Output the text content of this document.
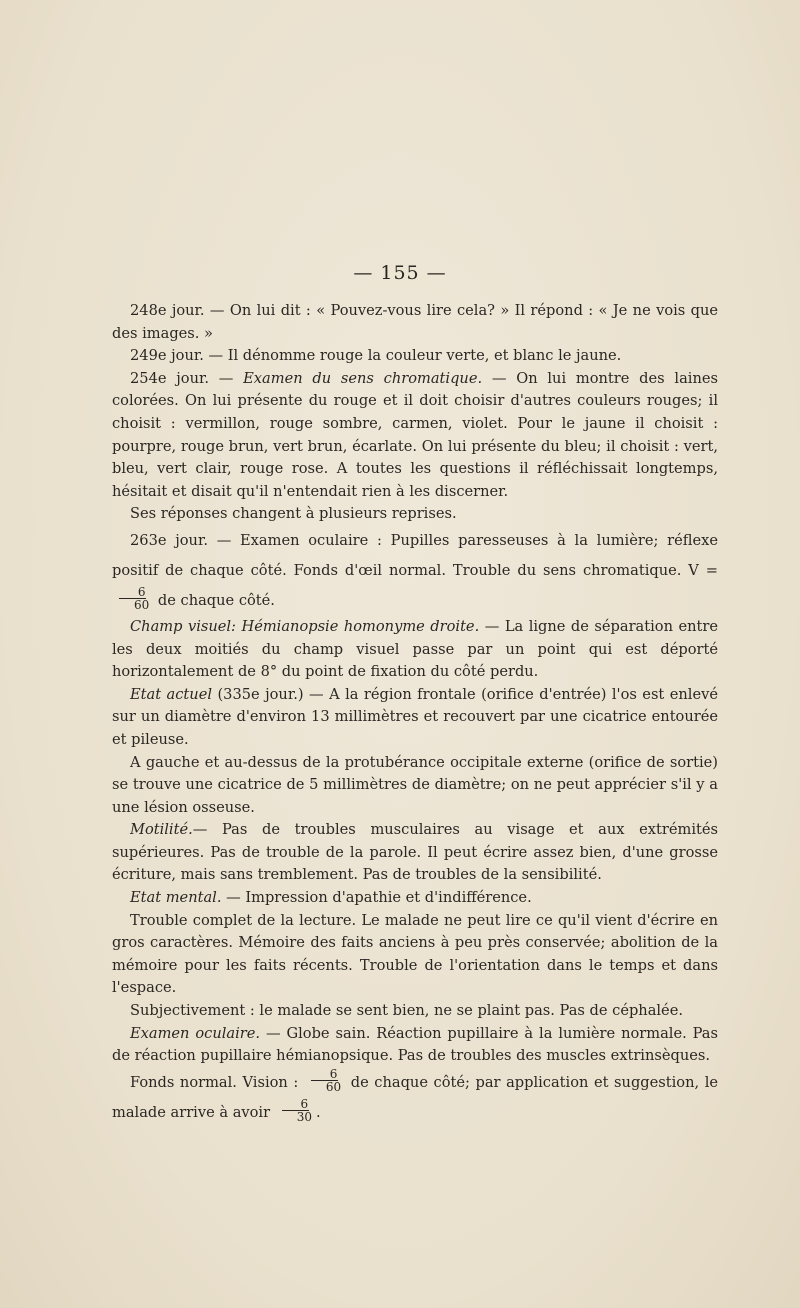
— 155 —

248e jour. — On lui dit : « Pouvez-vous lire cela? » Il répond : « Je ne vois que des images. »

249e jour. — Il dénomme rouge la couleur verte, et blanc le jaune.

254e jour. — Examen du sens chromatique. — On lui montre des laines colorées. On lui présente du rouge et il doit choisir d'autres couleurs rouges; il choisit : vermillon, rouge sombre, carmen, violet. Pour le jaune il choisit : pourpre, rouge brun, vert brun, écarlate. On lui présente du bleu; il choisit : vert, bleu, vert clair, rouge rose. A toutes les questions il réfléchissait longtemps, hésitait et disait qu'il n'entendait rien à les discerner.

Ses réponses changent à plusieurs reprises.

263e jour. — Examen oculaire : Pupilles paresseuses à la lumière; réflexe positif de chaque côté. Fonds d'œil normal. Trouble du sens chromatique. V =
$\frac{6}{60}$ de chaque côté.

Champ visuel: Hémianopsie homonyme droite. — La ligne de séparation entre les deux moitiés du champ visuel passe par un point qui est déporté horizontalement de 8° du point de fixation du côté perdu.

Etat actuel (335e jour.) — A la région frontale (orifice d'entrée) l'os est enlevé sur un diamètre d'environ 13 millimètres et recouvert par une cicatrice entourée et pileuse.

A gauche et au-dessus de la protubérance occipitale externe (orifice de sortie) se trouve une cicatrice de 5 millimètres de diamètre; on ne peut apprécier s'il y a une lésion osseuse.

Motilité.— Pas de troubles musculaires au visage et aux extrémités supérieures. Pas de trouble de la parole. Il peut écrire assez bien, d'une grosse écriture, mais sans tremblement. Pas de troubles de la sensibilité.

Etat mental. — Impression d'apathie et d'indifférence.

Trouble complet de la lecture. Le malade ne peut lire ce qu'il vient d'écrire en gros caractères. Mémoire des faits anciens à peu près conservée; abolition de la mémoire pour les faits récents. Trouble de l'orientation dans le temps et dans l'espace.

Subjectivement : le malade se sent bien, ne se plaint pas. Pas de céphalée.

Examen oculaire. — Globe sain. Réaction pupillaire à la lumière normale. Pas de réaction pupillaire hémianopsique. Pas de troubles des muscles extrinsèques.

Fonds normal. Vision : $\frac{6}{60}$ de chaque côté; par application et suggestion, le malade arrive à avoir $\frac{6}{30}$ .
